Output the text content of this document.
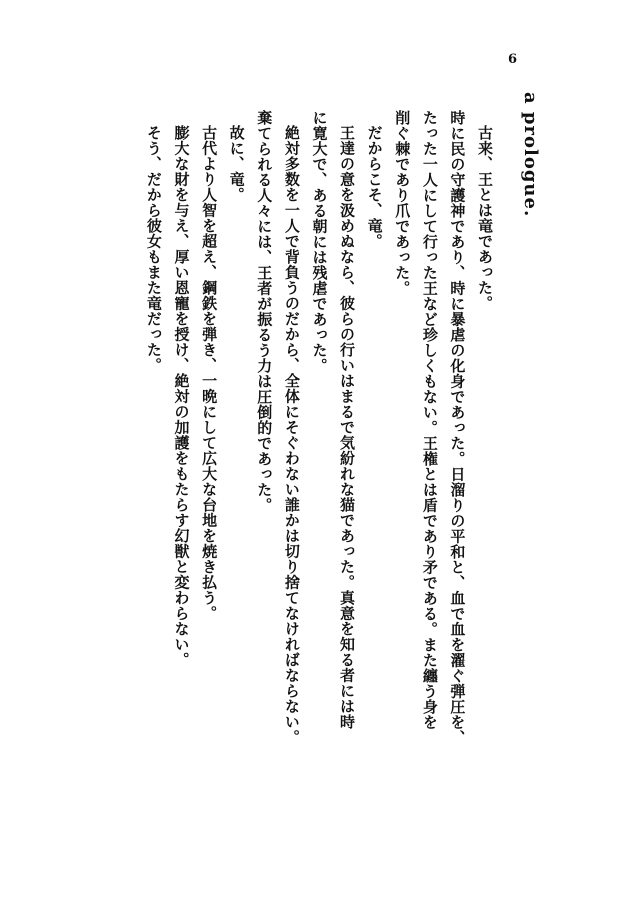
6
a prologue.
古来、王とは竜であった。
時に民の守護神であり、時に暴虐の化身であった。日溜りの平和と、血で血を濯ぐ弾圧を、
たった一人にして行った王など珍しくもない。王権とは盾であり矛である。また纏う身を
削ぐ棘であり爪であった。
だからこそ、竜。
王達の意を汲めぬなら、彼らの行いはまるで気紛れな猫であった。真意を知る者には時
に寛大で、ある朝には残虐であった。
絶対多数を一人で背負うのだから、全体にそぐわない誰かは切り捨てなければならない。
棄てられる人々には、王者が振るう力は圧倒的であった。
故に、竜。
古代より人智を超え、鋼鉄を弾き、一晩にして広大な台地を焼き払う。
膨大な財を与え、厚い恩寵を授け、絶対の加護をもたらす幻獣と変わらない。
そう、だから彼女もまた竜だった。
